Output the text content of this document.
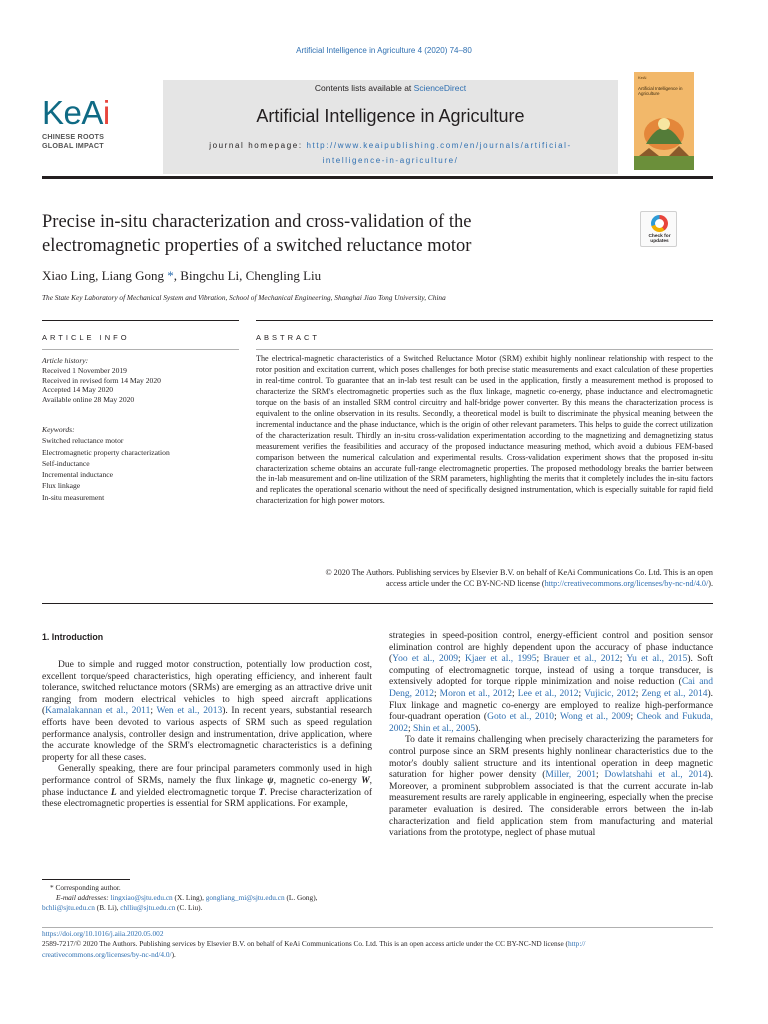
Artificial Intelligence in Agriculture 4 (2020) 74–80
KeAi
CHINESE ROOTS
GLOBAL IMPACT
Contents lists available at ScienceDirect
Artificial Intelligence in Agriculture
journal homepage: http://www.keaipublishing.com/en/journals/artificial-
intelligence-in-agriculture/
KeAi
Artificial Intelligence in Agriculture
Precise in-situ characterization and cross-validation of the
electromagnetic properties of a switched reluctance motor	Check for
updates
Xiao Ling, Liang Gong *, Bingchu Li, Chengling Liu
The State Key Laboratory of Mechanical System and Vibration, School of Mechanical Engineering, Shanghai Jiao Tong University, China
ARTICLE INFO	ABSTRACT
Article history:
Received 1 November 2019
Received in revised form 14 May 2020
Accepted 14 May 2020
Available online 28 May 2020
Keywords:
Switched reluctance motor
Electromagnetic property characterization
Self-inductance
Incremental inductance
Flux linkage
In-situ measurement
The electrical-magnetic characteristics of a Switched Reluctance Motor (SRM) exhibit highly nonlinear relationship with respect to the rotor position and excitation current, which poses challenges for both precise static measurements and exact calculation of these properties in real-time control. To guarantee that an in-lab test result can be used in the application, firstly a measurement method is proposed to characterize the SRM's electromagnetic properties such as the flux linkage, magnetic co-energy, phase inductance and electromagnetic torque on the basis of an installed SRM control circuitry and half-bridge power converter. By this means the characterization process is equivalent to the online observation in its results. Secondly, a theoretical model is built to discriminate the physical meaning between the incremental inductance and the phase inductance, which is the origin of other relevant parameters. This helps to guide the correct utilization of the characterization result. Thirdly an in-situ cross-validation experimentation according to the magnetizing and demagnetizing status measurement verifies the feasibilities and accuracy of the proposed inductance measuring method, which avoid a dubious FEM-based comparison between the numerical calculation and experimental results. Cross-validation experiment shows that the proposed in-situ characterization scheme obtains an accurate full-range electromagnetic properties. The proposed methodology breaks the barrier between the in-lab measurement and on-line utilization of the SRM parameters, highlighting the merits that it completely includes the in-situ factors and replicates the operational scenario without the need of specifically designed instrumentation, which is especially suitable for rapid field characterization for high power motors.
© 2020 The Authors. Publishing services by Elsevier B.V. on behalf of KeAi Communications Co. Ltd. This is an open
access article under the CC BY-NC-ND license (http://creativecommons.org/licenses/by-nc-nd/4.0/).
1. Introduction

Due to simple and rugged motor construction, potentially low production cost, excellent torque/speed characteristics, high operating efficiency, and inherent fault tolerance, switched reluctance motors (SRMs) are emerging as an attractive drive unit ranging from modern electrical vehicles to high speed aircraft applications (Kamalakannan et al., 2011; Wen et al., 2013). In recent years, substantial research efforts have been devoted to various aspects of SRM such as speed regulation performance analysis, controller design and instrumentation, drive application, where the accurate knowledge of the SRM's electromagnetic characteristics is a defining property for all these cases.

Generally speaking, there are four principal parameters commonly used in high performance control of SRMs, namely the flux linkage ψ, magnetic co-energy W, phase inductance L and yielded electromagnetic torque T. Precise characterization of these electromagnetic properties is essential for SRM applications. For example,

strategies in speed-position control, energy-efficient control and position sensor elimination control are highly dependent upon the accuracy of phase inductance (Yoo et al., 2009; Kjaer et al., 1995; Brauer et al., 2012; Yu et al., 2015). Soft computing of electromagnetic torque, instead of using a torque transducer, is extensively adopted for torque ripple minimization and noise reduction (Cai and Deng, 2012; Moron et al., 2012; Lee et al., 2012; Vujicic, 2012; Zeng et al., 2014). Flux linkage and magnetic co-energy are employed to realize high-performance four-quadrant operation (Goto et al., 2010; Wong et al., 2009; Cheok and Fukuda, 2002; Shin et al., 2005).

To date it remains challenging when precisely characterizing the parameters for control purpose since an SRM presents highly nonlinear characteristics due to the motor's doubly salient structure and its intentional operation in deep magnetic saturation for higher power density (Miller, 2001; Dowlatshahi et al., 2014). Moreover, a prominent subproblem associated is that the current accurate in-lab measurement results are rarely applicable in engineering, especially when the precise parameter evaluation is desired. The considerable errors between the in-lab characterization and field application stem from manufacturing and material variations from the prototype, neglect of phase mutual

* Corresponding author.
E-mail addresses: lingxiao@sjtu.edu.cn (X. Ling), gongliang_mi@sjtu.edu.cn (L. Gong),
bchli@sjtu.edu.cn (B. Li), chlliu@sjtu.edu.cn (C. Liu).
https://doi.org/10.1016/j.aiia.2020.05.002
2589-7217/© 2020 The Authors. Publishing services by Elsevier B.V. on behalf of KeAi Communications Co. Ltd. This is an open access article under the CC BY-NC-ND license (http://
creativecommons.org/licenses/by-nc-nd/4.0/).
